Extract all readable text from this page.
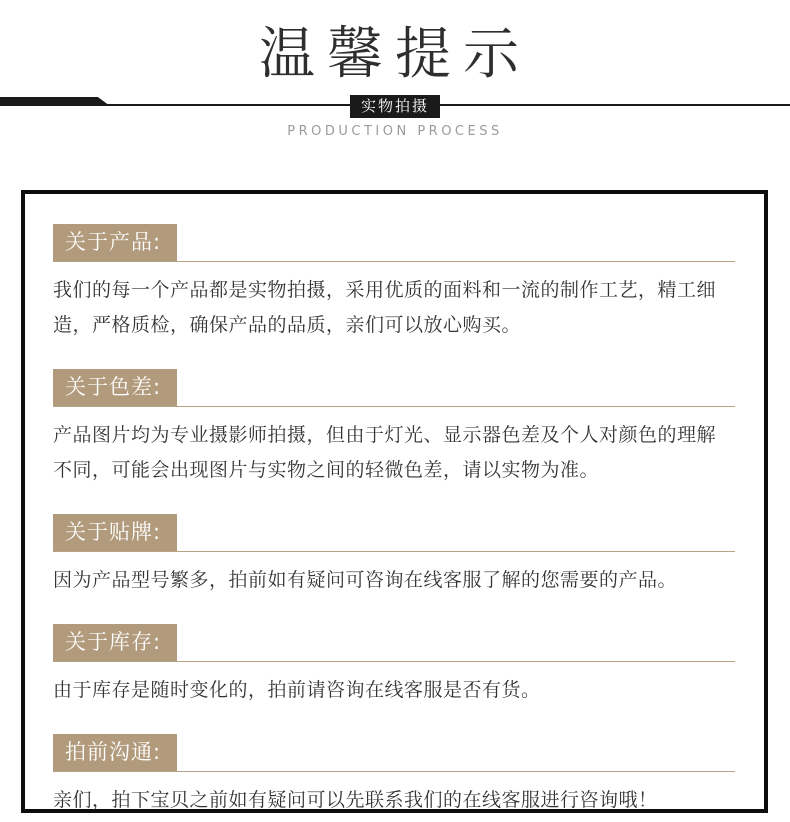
温馨提示
实物拍摄
PRODUCTION PROCESS
关于产品:

我们的每一个产品都是实物拍摄，采用优质的面料和一流的制作工艺，精工细造，严格质检，确保产品的品质，亲们可以放心购买。

关于色差:

产品图片均为专业摄影师拍摄，但由于灯光、显示器色差及个人对颜色的理解不同，可能会出现图片与实物之间的轻微色差，请以实物为准。

关于贴牌:

因为产品型号繁多，拍前如有疑问可咨询在线客服了解的您需要的产品。

关于库存:

由于库存是随时变化的，拍前请咨询在线客服是否有货。

拍前沟通:

亲们，拍下宝贝之前如有疑问可以先联系我们的在线客服进行咨询哦！
